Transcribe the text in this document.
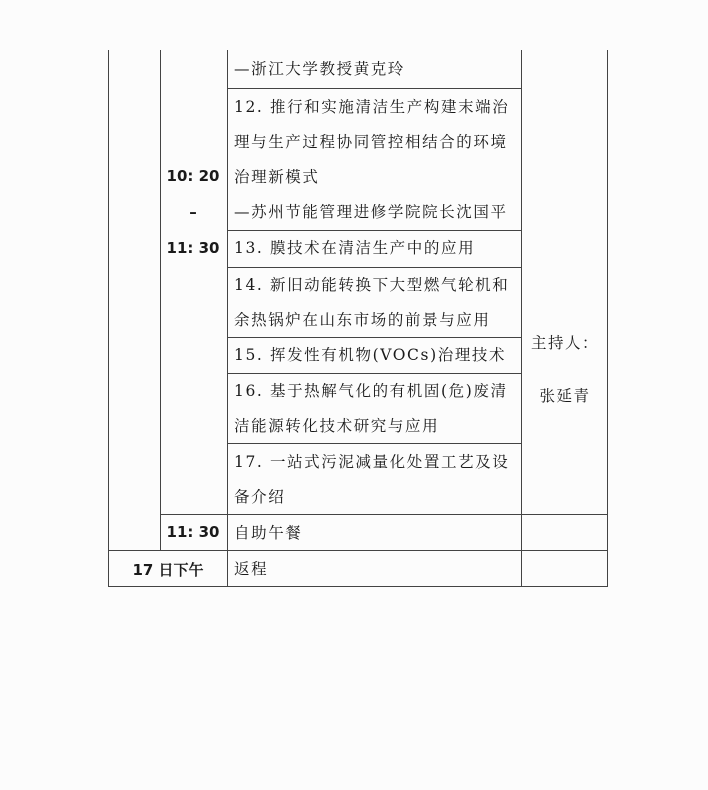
10: 20
–
11: 30
—浙江大学教授黄克玲
12. 推行和实施清洁生产构建末端治
理与生产过程协同管控相结合的环境
治理新模式
—苏州节能管理进修学院院长沈国平
13. 膜技术在清洁生产中的应用
14. 新旧动能转换下大型燃气轮机和
余热锅炉在山东市场的前景与应用
15. 挥发性有机物(VOCs)治理技术
16. 基于热解气化的有机固(危)废清
洁能源转化技术研究与应用
17. 一站式污泥减量化处置工艺及设
备介绍
主持人：
张延青
11: 30 自助午餐
17 日下午	返程
